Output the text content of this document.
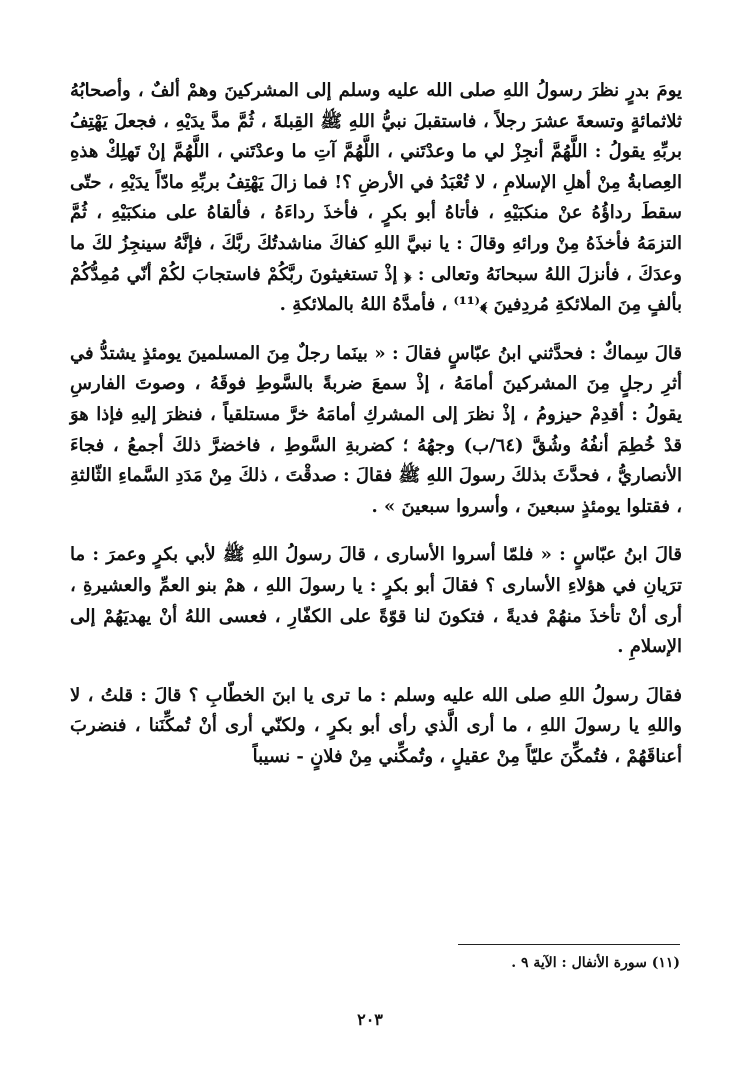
يومَ بدرٍ نظرَ رسولُ اللهِ صلى الله عليه وسلم إلى المشركينَ وهمْ ألفٌ ، وأصحابُهُ ثلاثمائةٍ وتسعةَ عشرَ رجلاً ، فاستقبلَ نبيُّ اللهِ ﷺ القِبلةَ ، ثُمَّ مدَّ يدَيْهِ ، فجعلَ يَهْتِفُ بربِّهِ يقولُ : اللَّهُمَّ أنجِزْ لي ما وعدْتَني ، اللَّهُمَّ آتِ ما وعدْتَني ، اللَّهُمَّ إنْ تَهلِكْ هذهِ العِصابةُ مِنْ أهلِ الإسلامِ ، لا تُعْبَدُ في الأرضِ ؟! فما زالَ يَهْتِفُ بربِّهِ مادّاً يدَيْهِ ، حتّى سقطَ رداؤُهُ عنْ منكبَيْهِ ، فأتاهُ أبو بكرٍ ، فأخذَ رداءَهُ ، فألقاهُ على منكبَيْهِ ، ثُمَّ التزمَهُ فأخذَهُ مِنْ ورائهِ وقالَ : يا نبيَّ اللهِ كفاكَ مناشدتُكَ ربَّكَ ، فإنَّهُ سينجِزُ لكَ ما وعدَكَ ، فأنزلَ اللهُ سبحانَهُ وتعالى : ﴿ إذْ تستغيثونَ ربَّكُمْ فاستجابَ لكُمْ أنّي مُمِدُّكُمْ بألفٍ مِنَ الملائكةِ مُردِفينَ ﴾⁽¹¹⁾ ، فأمدَّهُ اللهُ بالملائكةِ .

قالَ سِماكٌ : فحدَّثني ابنُ عبّاسٍ فقالَ : « بينَما رجلٌ مِنَ المسلمينَ يومئذٍ يشتدُّ في أثرِ رجلٍ مِنَ المشركينَ أمامَهُ ، إذْ سمعَ ضربةً بالسَّوطِ فوقَهُ ، وصوتَ الفارسِ يقولُ : أقدِمْ حيزومُ ، إذْ نظرَ إلى المشركِ أمامَهُ خرَّ مستلقياً ، فنظرَ إليهِ فإذا هوَ قدْ خُطِمَ أنفُهُ وشُقَّ (٦٤/ب) وجهُهُ ؛ كضربةِ السَّوطِ ، فاخضرَّ ذلكَ أجمعُ ، فجاءَ الأنصاريُّ ، فحدَّثَ بذلكَ رسولَ اللهِ ﷺ فقالَ : صدقْتَ ، ذلكَ مِنْ مَدَدِ السَّماءِ الثّالثةِ ، فقتلوا يومئذٍ سبعينَ ، وأسروا سبعينَ » .

قالَ ابنُ عبّاسٍ : « فلمّا أسروا الأسارى ، قالَ رسولُ اللهِ ﷺ لأبي بكرٍ وعمرَ : ما ترَيانِ في هؤلاءِ الأسارى ؟ فقالَ أبو بكرٍ : يا رسولَ اللهِ ، همْ بنو العمِّ والعشيرةِ ، أرى أنْ تأخذَ منهُمْ فديةً ، فتكونَ لنا قوّةً على الكفّارِ ، فعسى اللهُ أنْ يهديَهُمْ إلى الإسلامِ .

فقالَ رسولُ اللهِ صلى الله عليه وسلم : ما ترى يا ابنَ الخطّابِ ؟ قالَ : قلتُ ، لا واللهِ يا رسولَ اللهِ ، ما أرى الَّذي رأى أبو بكرٍ ، ولكنّي أرى أنْ تُمكِّنَنا ، فنضربَ أعناقَهُمْ ، فتُمكِّنَ عليّاً مِنْ عقيلٍ ، وتُمكِّني مِنْ فلانٍ - نسيباً

(١١) سورة الأنفال : الآية ٩ .
٢٠٣
